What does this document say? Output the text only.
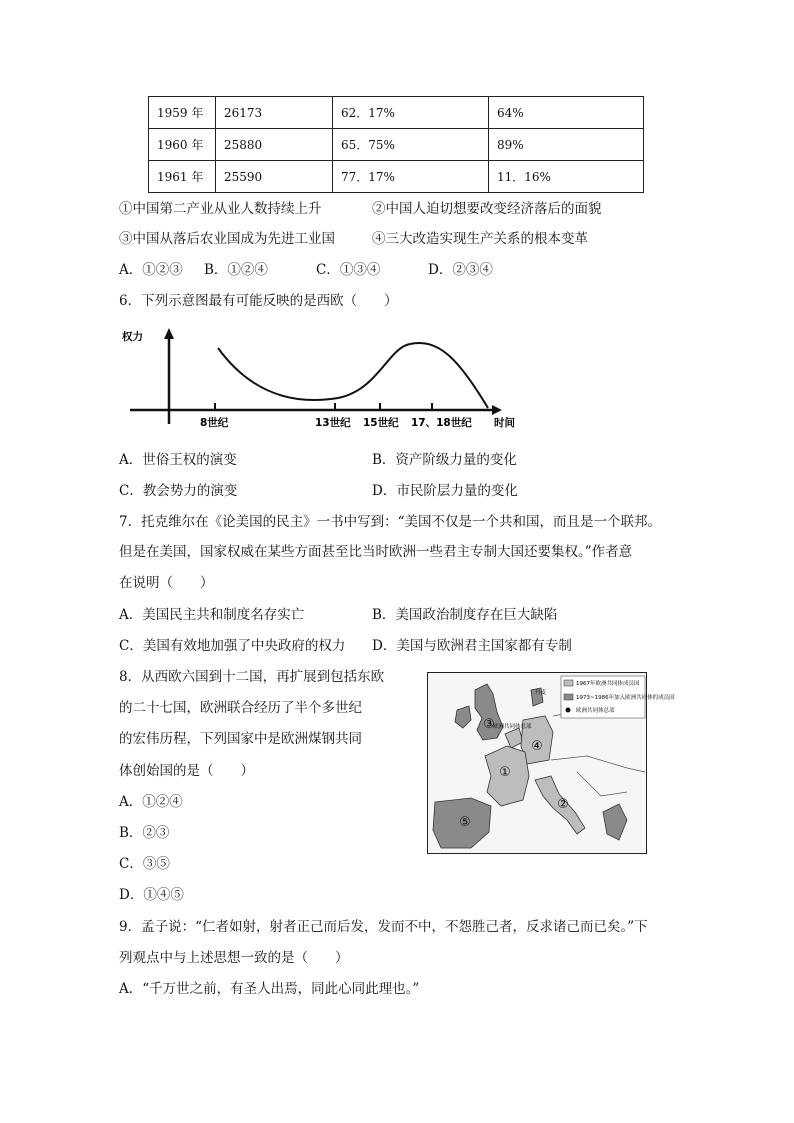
1959 年	26173	62．17%	64%
1960 年	25880	65．75%	89%
1961 年	25590	77．17%	11．16%
①中国第二产业从业人数持续上升	②中国人迫切想要改变经济落后的面貌
③中国从落后农业国成为先进工业国	④三大改造实现生产关系的根本变革
A．①②③ B．①②④	C．①③④	D．②③④
6．下列示意图最有可能反映的是西欧（　　）
权力
8世纪	13世纪 15世纪 17、18世纪 时间
A．世俗王权的演变	B．资产阶级力量的变化
C．教会势力的演变	D．市民阶层力量的变化
7．托克维尔在《论美国的民主》一书中写到：“美国不仅是一个共和国，而且是一个联邦。
但是在美国，国家权威在某些方面甚至比当时欧洲一些君主专制大国还要集权。”作者意
在说明（　　）
A．美国民主共和制度名存实亡	B．美国政治制度存在巨大缺陷
C．美国有效地加强了中央政府的权力 D．美国与欧洲君主国家都有专制
8．从西欧六国到十二国，再扩展到包括东欧
的二十七国，欧洲联合经历了半个多世纪
的宏伟历程，下列国家中是欧洲煤钢共同
体创始国的是（　　）
A．①②④
B．②③
C．③⑤
D．①④⑤
1967年欧洲共同体成员国
1973~1986年加入欧洲共同体的成员国
欧洲共同体总部
丹麦
欧洲共同体总部
①
②
③
④
⑤
9．孟子说：“仁者如射，射者正己而后发，发而不中，不怨胜己者，反求诸己而已矣。”下
列观点中与上述思想一致的是（　　）
A．“千万世之前，有圣人出焉，同此心同此理也。”
